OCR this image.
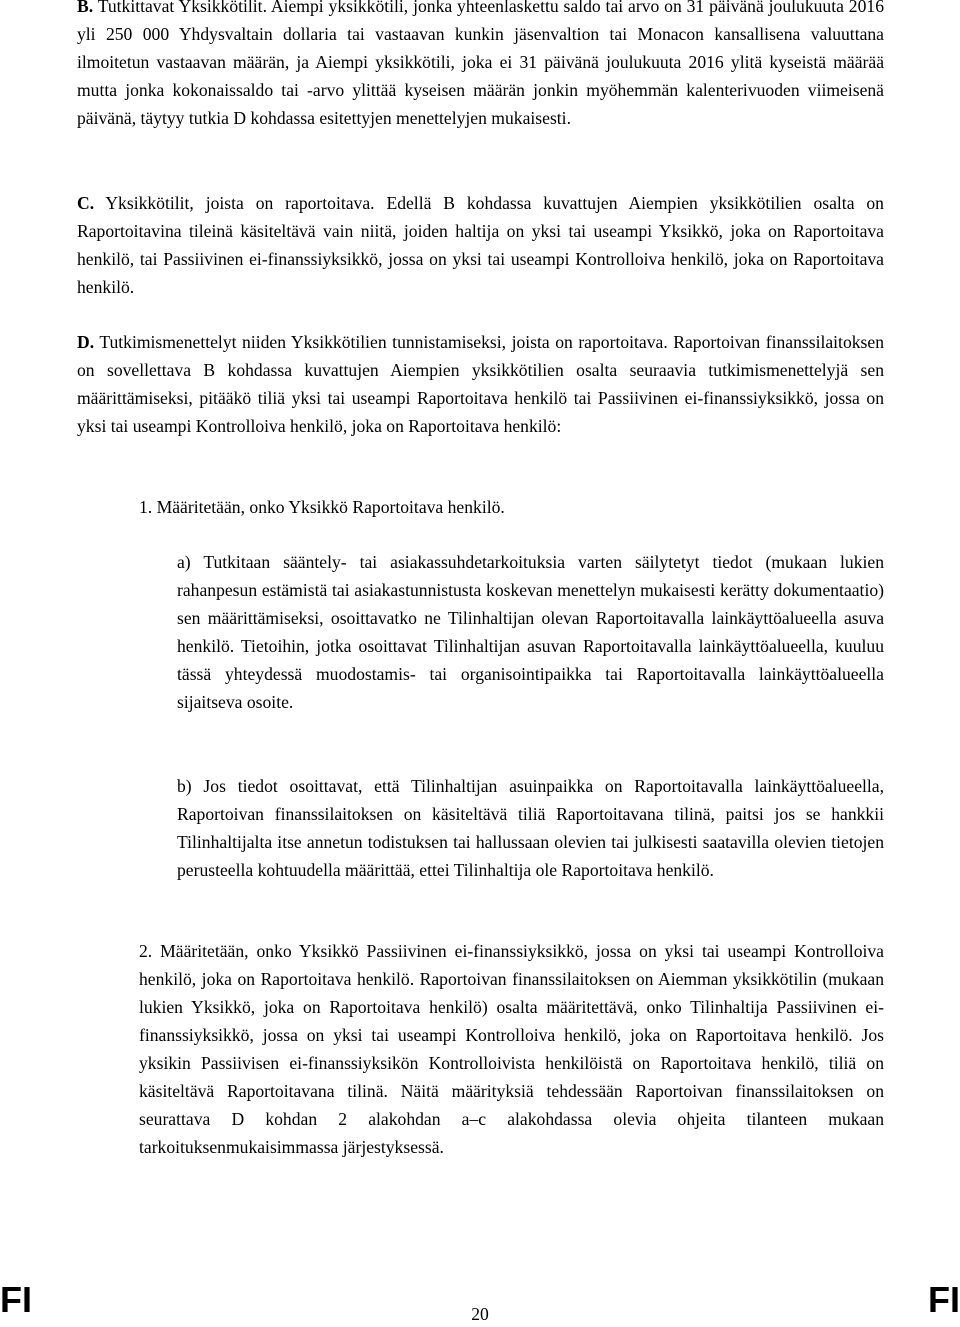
B. Tutkittavat Yksikkötilit. Aiempi yksikkötili, jonka yhteenlaskettu saldo tai arvo on 31 päivänä joulukuuta 2016 yli 250 000 Yhdysvaltain dollaria tai vastaavan kunkin jäsenvaltion tai Monacon kansallisena valuuttana ilmoitetun vastaavan määrän, ja Aiempi yksikkötili, joka ei 31 päivänä joulukuuta 2016 ylitä kyseistä määrää mutta jonka kokonaissaldo tai -arvo ylittää kyseisen määrän jonkin myöhemmän kalenterivuoden viimeisenä päivänä, täytyy tutkia D kohdassa esitettyjen menettelyjen mukaisesti.

C. Yksikkötilit, joista on raportoitava. Edellä B kohdassa kuvattujen Aiempien yksikkötilien osalta on Raportoitavina tileinä käsiteltävä vain niitä, joiden haltija on yksi tai useampi Yksikkö, joka on Raportoitava henkilö, tai Passiivinen ei-finanssiyksikkö, jossa on yksi tai useampi Kontrolloiva henkilö, joka on Raportoitava henkilö.

D. Tutkimismenettelyt niiden Yksikkötilien tunnistamiseksi, joista on raportoitava. Raportoivan finanssilaitoksen on sovellettava B kohdassa kuvattujen Aiempien yksikkötilien osalta seuraavia tutkimismenettelyjä sen määrittämiseksi, pitääkö tiliä yksi tai useampi Raportoitava henkilö tai Passiivinen ei-finanssiyksikkö, jossa on yksi tai useampi Kontrolloiva henkilö, joka on Raportoitava henkilö:

1. Määritetään, onko Yksikkö Raportoitava henkilö.

a) Tutkitaan sääntely- tai asiakassuhdetarkoituksia varten säilytetyt tiedot (mukaan lukien rahanpesun estämistä tai asiakastunnistusta koskevan menettelyn mukaisesti kerätty dokumentaatio) sen määrittämiseksi, osoittavatko ne Tilinhaltijan olevan Raportoitavalla lainkäyttöalueella asuva henkilö. Tietoihin, jotka osoittavat Tilinhaltijan asuvan Raportoitavalla lainkäyttöalueella, kuuluu tässä yhteydessä muodostamis- tai organisointipaikka tai Raportoitavalla lainkäyttöalueella sijaitseva osoite.

b) Jos tiedot osoittavat, että Tilinhaltijan asuinpaikka on Raportoitavalla lainkäyttöalueella, Raportoivan finanssilaitoksen on käsiteltävä tiliä Raportoitavana tilinä, paitsi jos se hankkii Tilinhaltijalta itse annetun todistuksen tai hallussaan olevien tai julkisesti saatavilla olevien tietojen perusteella kohtuudella määrittää, ettei Tilinhaltija ole Raportoitava henkilö.

2. Määritetään, onko Yksikkö Passiivinen ei-finanssiyksikkö, jossa on yksi tai useampi Kontrolloiva henkilö, joka on Raportoitava henkilö. Raportoivan finanssilaitoksen on Aiemman yksikkötilin (mukaan lukien Yksikkö, joka on Raportoitava henkilö) osalta määritettävä, onko Tilinhaltija Passiivinen ei-finanssiyksikkö, jossa on yksi tai useampi Kontrolloiva henkilö, joka on Raportoitava henkilö. Jos yksikin Passiivisen ei-finanssiyksikön Kontrolloivista henkilöistä on Raportoitava henkilö, tiliä on käsiteltävä Raportoitavana tilinä. Näitä määrityksiä tehdessään Raportoivan finanssilaitoksen on seurattava D kohdan 2 alakohdan a–c alakohdassa olevia ohjeita tilanteen mukaan tarkoituksenmukaisimmassa järjestyksessä.

FI	20	FI
